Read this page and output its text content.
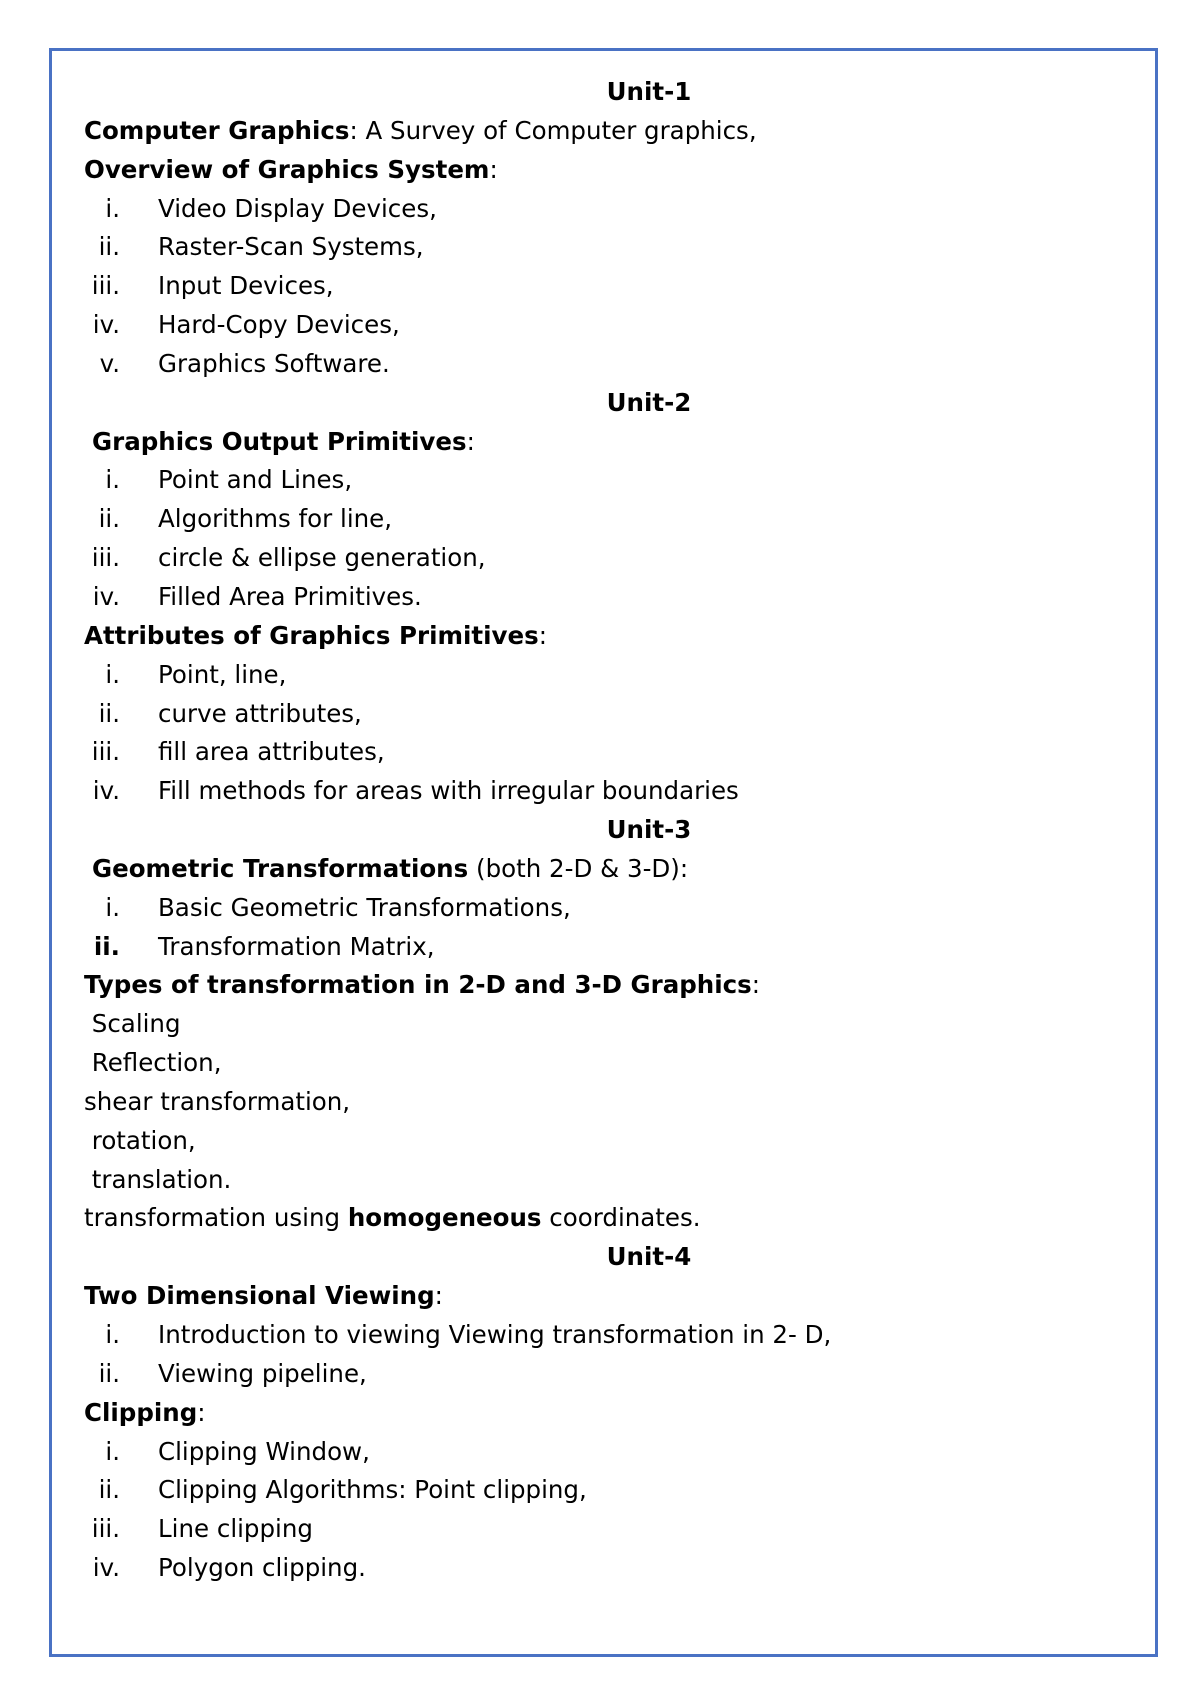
Unit-1
Computer Graphics: A Survey of Computer graphics,
Overview of Graphics System:
i. Video Display Devices,
ii. Raster-Scan Systems,
iii. Input Devices,
iv. Hard-Copy Devices,
v. Graphics Software.
Unit-2
Graphics Output Primitives:
i. Point and Lines,
ii. Algorithms for line,
iii. circle & ellipse generation,
iv. Filled Area Primitives.
Attributes of Graphics Primitives:
i. Point, line,
ii. curve attributes,
iii. fill area attributes,
iv. Fill methods for areas with irregular boundaries
Unit-3
Geometric Transformations (both 2-D & 3-D):
i. Basic Geometric Transformations,
ii. Transformation Matrix,
Types of transformation in 2-D and 3-D Graphics:
Scaling
Reflection,
shear transformation,
rotation,
translation.
transformation using homogeneous coordinates.
Unit-4
Two Dimensional Viewing:
i. Introduction to viewing Viewing transformation in 2- D,
ii. Viewing pipeline,
Clipping:
i. Clipping Window,
ii. Clipping Algorithms: Point clipping,
iii. Line clipping
iv. Polygon clipping.
